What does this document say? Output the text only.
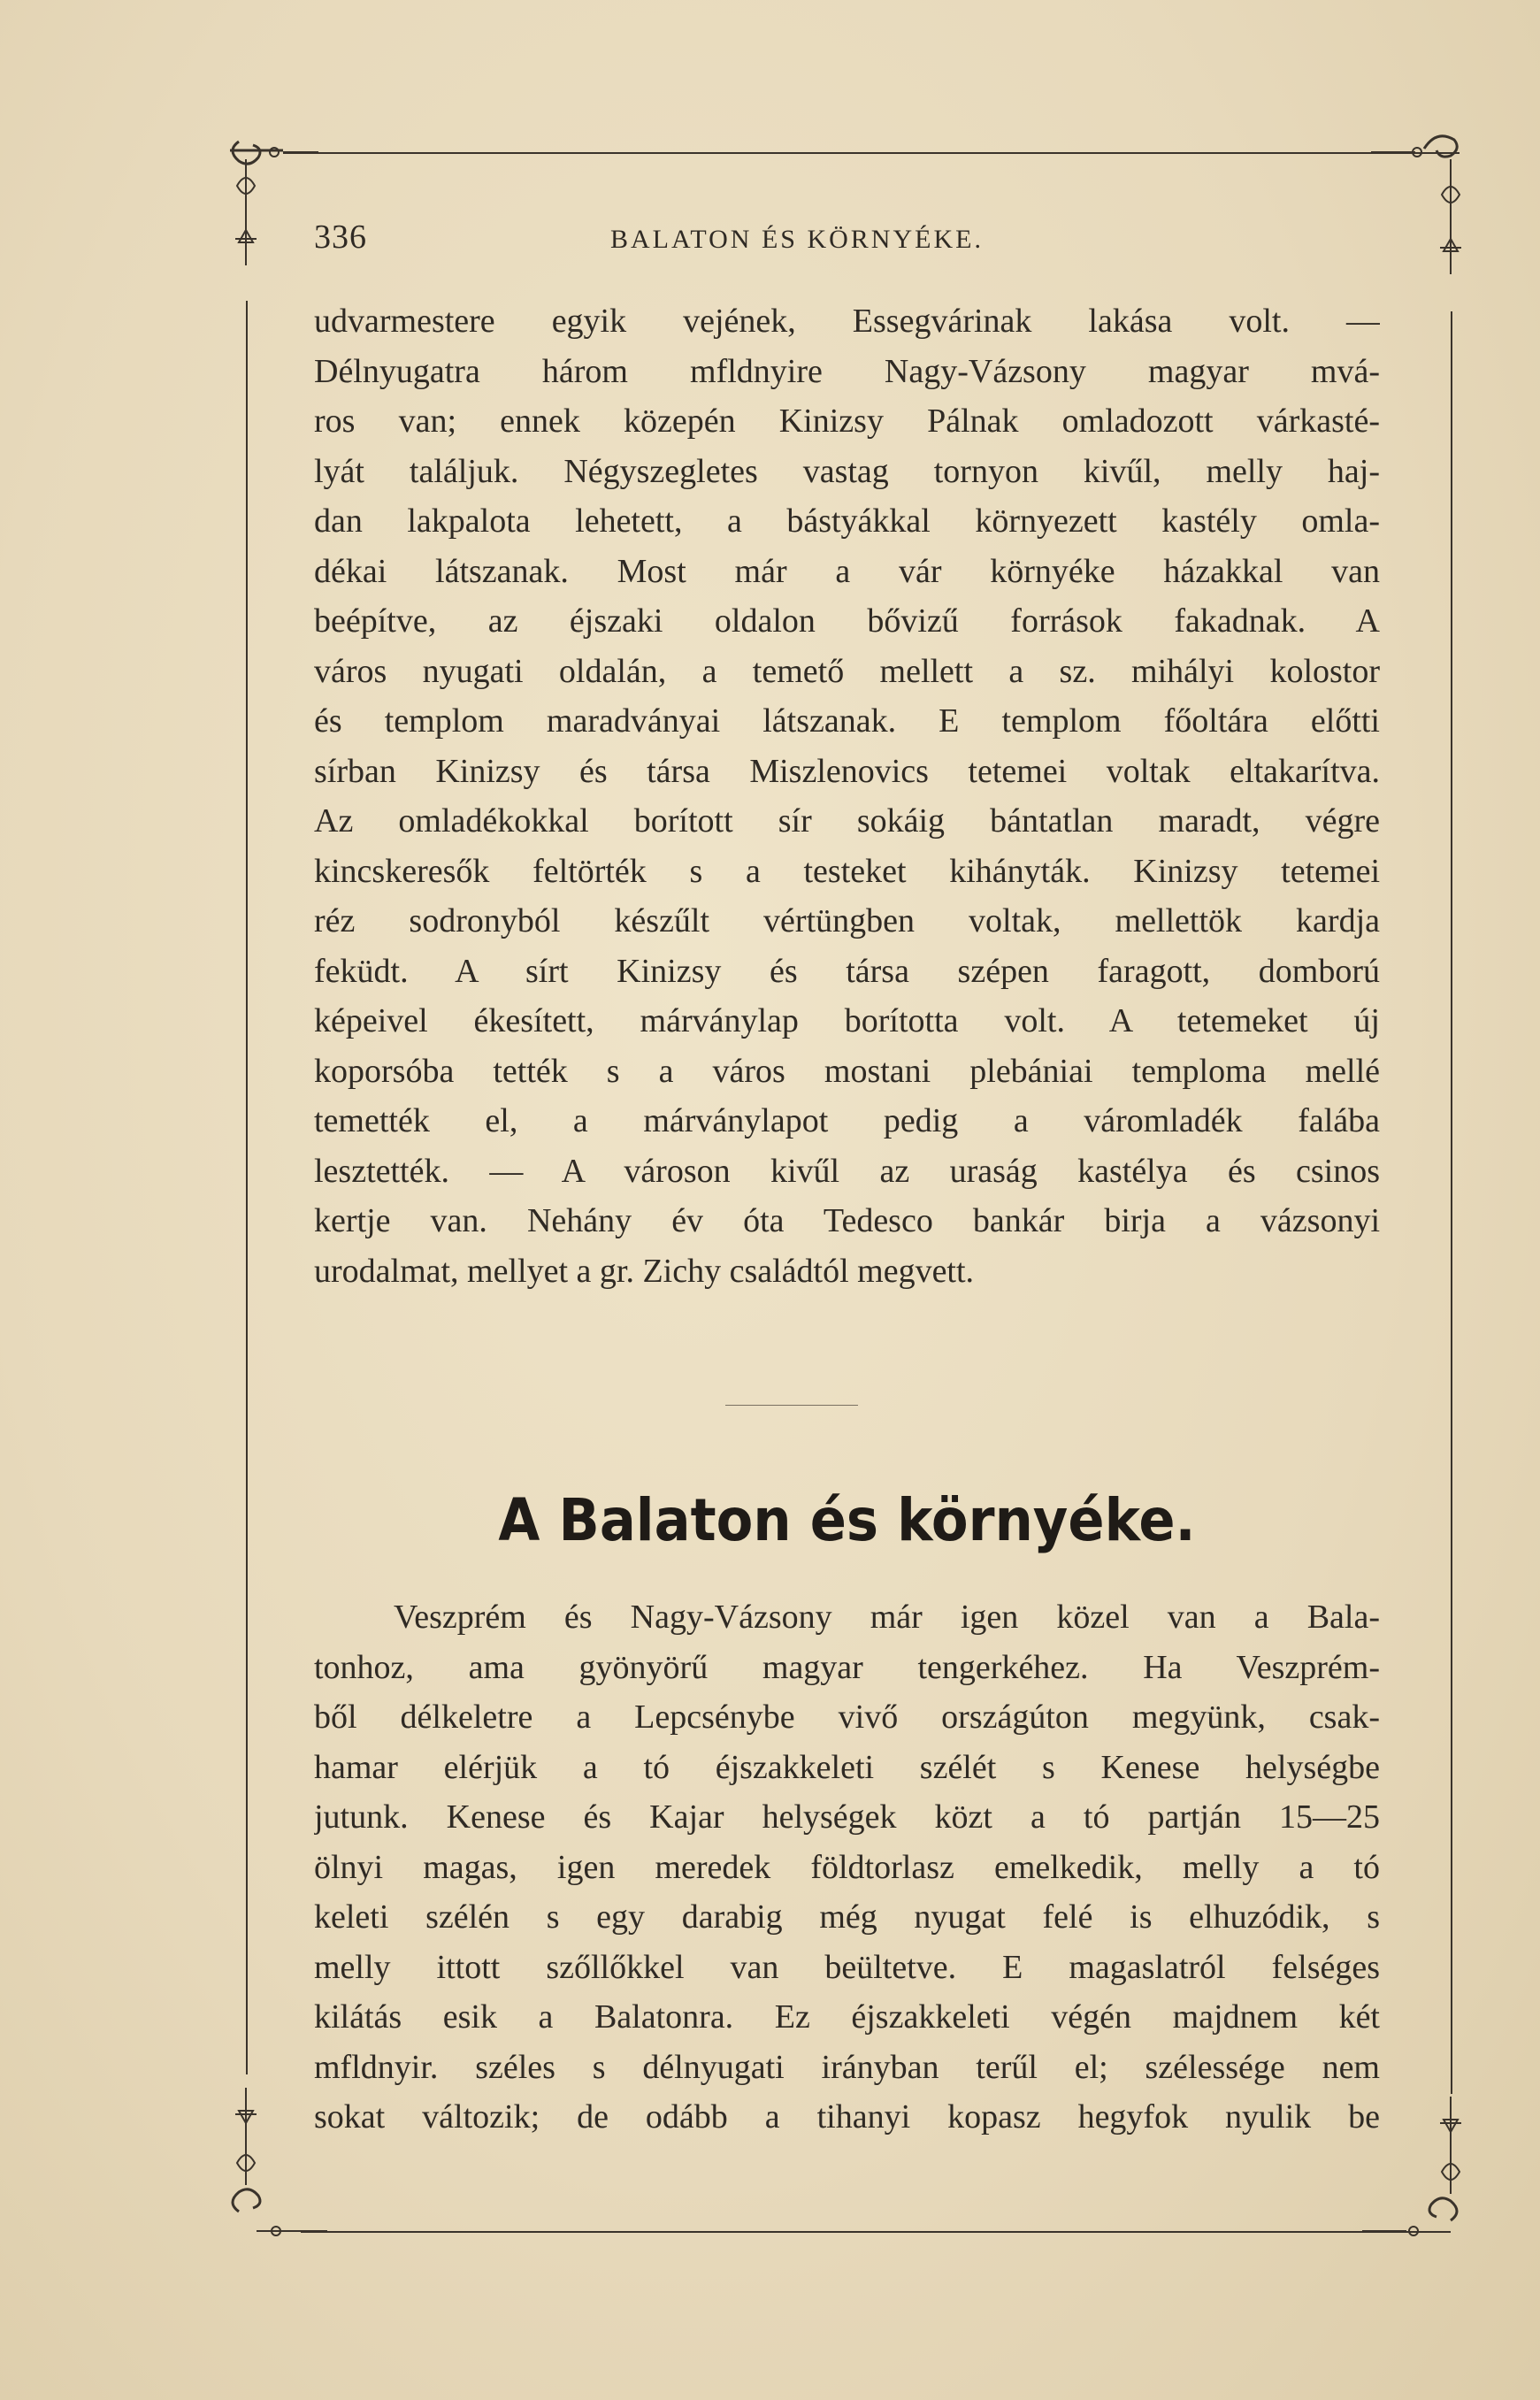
336	BALATON ÉS KÖRNYÉKE.
udvarmestere egyik vejének, Essegvárinak lakása volt. —
Délnyugatra három mfldnyire Nagy-Vázsony magyar mvá-
ros van; ennek közepén Kinizsy Pálnak omladozott várkasté-
lyát találjuk. Négyszegletes vastag tornyon kivűl, melly haj-
dan lakpalota lehetett, a bástyákkal környezett kastély omla-
dékai látszanak. Most már a vár környéke házakkal van
beépítve, az éjszaki oldalon bővizű források fakadnak. A
város nyugati oldalán, a temető mellett a sz. mihályi kolostor
és templom maradványai látszanak. E templom főoltára előtti
sírban Kinizsy és társa Miszlenovics tetemei voltak eltakarítva.
Az omladékokkal borított sír sokáig bántatlan maradt, végre
kincskeresők feltörték s a testeket kihányták. Kinizsy tetemei
réz sodronyból készűlt vértüngben voltak, mellettök kardja
feküdt. A sírt Kinizsy és társa szépen faragott, domború
képeivel ékesített, márványlap borította volt. A tetemeket új
koporsóba tették s a város mostani plebániai temploma mellé
temették el, a márványlapot pedig a váromladék falába
lesztették. — A városon kivűl az uraság kastélya és csinos
kertje van. Nehány év óta Tedesco bankár birja a vázsonyi
urodalmat, mellyet a gr. Zichy családtól megvett.
A Balaton és környéke.
Veszprém és Nagy-Vázsony már igen közel van a Bala-
tonhoz, ama gyönyörű magyar tengerkéhez. Ha Veszprém-
ből délkeletre a Lepcsénybe vivő országúton megyünk, csak-
hamar elérjük a tó éjszakkeleti szélét s Kenese helységbe
jutunk. Kenese és Kajar helységek közt a tó partján 15—25
ölnyi magas, igen meredek földtorlasz emelkedik, melly a tó
keleti szélén s egy darabig még nyugat felé is elhuzódik, s
melly ittott szőllőkkel van beültetve. E magaslatról felséges
kilátás esik a Balatonra. Ez éjszakkeleti végén majdnem két
mfldnyir. széles s délnyugati irányban terűl el; szélessége nem
sokat változik; de odább a tihanyi kopasz hegyfok nyulik be
